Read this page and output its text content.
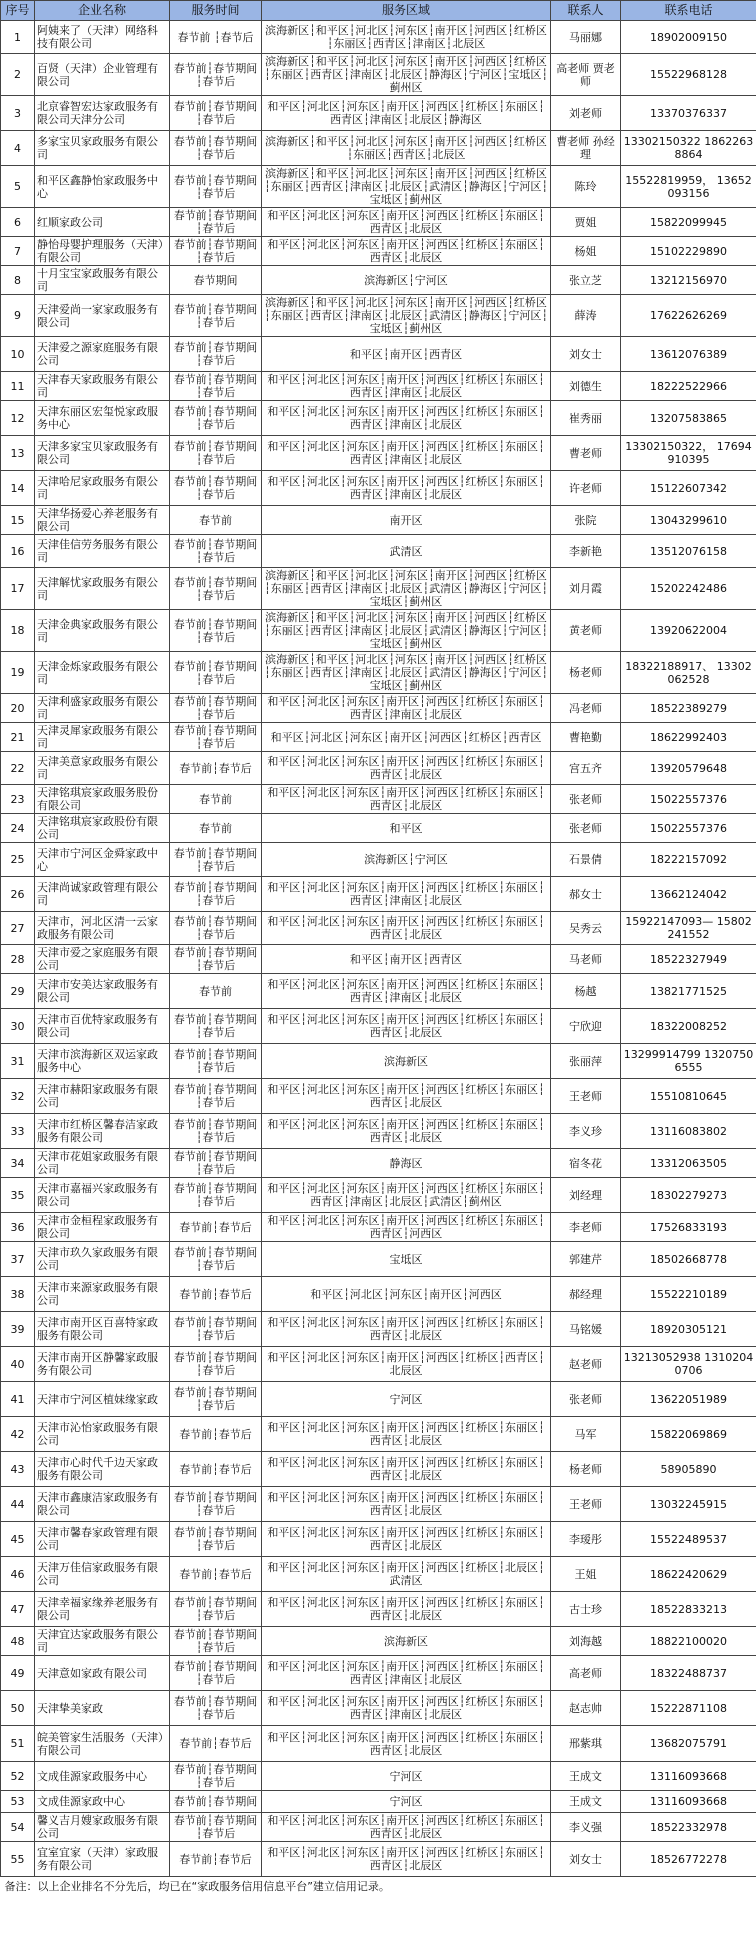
序号	企业名称	服务时间	服务区域	联系人	联系电话
1	阿姨来了（天津）网络科技有限公司	春节前 ┆春节后	滨海新区┆和平区┆河北区┆河东区┆南开区┆河西区┆红桥区┆东丽区┆西青区┆津南区┆北辰区	马丽娜	18902009150
2	百贤（天津）企业管理有限公司	春节前┆春节期间┆春节后	滨海新区┆和平区┆河北区┆河东区┆南开区┆河西区┆红桥区┆东丽区┆西青区┆津南区┆北辰区┆静海区┆宁河区┆宝坻区┆蓟州区	高老师 贾老师	15522968128
3	北京睿智宏达家政服务有限公司天津分公司	春节前┆春节期间┆春节后	和平区┆河北区┆河东区┆南开区┆河西区┆红桥区┆东丽区┆西青区┆津南区┆北辰区┆静海区	刘老师	13370376337
4	多家宝贝家政服务有限公司	春节前┆春节期间┆春节后	滨海新区┆和平区┆河北区┆河东区┆南开区┆河西区┆红桥区┆东丽区┆西青区┆北辰区	曹老师 孙经理	13302150322 18622638864
5	和平区鑫静怡家政服务中心	春节前┆春节期间┆春节后	滨海新区┆和平区┆河北区┆河东区┆南开区┆河西区┆红桥区┆东丽区┆西青区┆津南区┆北辰区┆武清区┆静海区┆宁河区┆宝坻区┆蓟州区	陈玲	15522819959， 13652093156
6	红顺家政公司	春节前┆春节期间┆春节后	和平区┆河北区┆河东区┆南开区┆河西区┆红桥区┆东丽区┆西青区┆北辰区	贾姐	15822099945
7	静怡母婴护理服务（天津）有限公司	春节前┆春节期间┆春节后	和平区┆河北区┆河东区┆南开区┆河西区┆红桥区┆东丽区┆西青区┆北辰区	杨姐	15102229890
8	十月宝宝家政服务有限公司	春节期间	滨海新区┆宁河区	张立芝	13212156970
9	天津爱尚一家家政服务有限公司	春节前┆春节期间┆春节后	滨海新区┆和平区┆河北区┆河东区┆南开区┆河西区┆红桥区┆东丽区┆西青区┆津南区┆北辰区┆武清区┆静海区┆宁河区┆宝坻区┆蓟州区	薛涛	17622626269
10	天津爱之源家庭服务有限公司	春节前┆春节期间┆春节后	和平区┆南开区┆西青区	刘女士	13612076389
11	天津春天家政服务有限公司	春节前┆春节期间┆春节后	和平区┆河北区┆河东区┆南开区┆河西区┆红桥区┆东丽区┆西青区┆津南区┆北辰区	刘德生	18222522966
12	天津东丽区宏玺悦家政服务中心	春节前┆春节期间┆春节后	和平区┆河北区┆河东区┆南开区┆河西区┆红桥区┆东丽区┆西青区┆津南区┆北辰区	崔秀丽	13207583865
13	天津多家宝贝家政服务有限公司	春节前┆春节期间┆春节后	和平区┆河北区┆河东区┆南开区┆河西区┆红桥区┆东丽区┆西青区┆津南区┆北辰区	曹老师	13302150322， 17694910395
14	天津哈尼家政服务有限公司	春节前┆春节期间┆春节后	和平区┆河北区┆河东区┆南开区┆河西区┆红桥区┆东丽区┆西青区┆津南区┆北辰区	许老师	15122607342
15	天津华扬爱心养老服务有限公司	春节前	南开区	张院	13043299610
16	天津佳信劳务服务有限公司	春节前┆春节期间┆春节后	武清区	李新艳	13512076158
17	天津解忧家政服务有限公司	春节前┆春节期间┆春节后	滨海新区┆和平区┆河北区┆河东区┆南开区┆河西区┆红桥区┆东丽区┆西青区┆津南区┆北辰区┆武清区┆静海区┆宁河区┆宝坻区┆蓟州区	刘月霞	15202242486
18	天津金典家政服务有限公司	春节前┆春节期间┆春节后	滨海新区┆和平区┆河北区┆河东区┆南开区┆河西区┆红桥区┆东丽区┆西青区┆津南区┆北辰区┆武清区┆静海区┆宁河区┆宝坻区┆蓟州区	黄老师	13920622004
19	天津金烁家政服务有限公司	春节前┆春节期间┆春节后	滨海新区┆和平区┆河北区┆河东区┆南开区┆河西区┆红桥区┆东丽区┆西青区┆津南区┆北辰区┆武清区┆静海区┆宁河区┆宝坻区┆蓟州区	杨老师	18322188917、 13302062528
20	天津利盛家政服务有限公司	春节前┆春节期间┆春节后	和平区┆河北区┆河东区┆南开区┆河西区┆红桥区┆东丽区┆西青区┆津南区┆北辰区	冯老师	18522389279
21	天津灵犀家政服务有限公司	春节前┆春节期间┆春节后	和平区┆河北区┆河东区┆南开区┆河西区┆红桥区┆西青区	曹艳勤	18622992403
22	天津美意家政服务有限公司	春节前┆春节后	和平区┆河北区┆河东区┆南开区┆河西区┆红桥区┆东丽区┆西青区┆北辰区	宫五齐	13920579648
23	天津铭琪宸家政服务股份有限公司	春节前	和平区┆河北区┆河东区┆南开区┆河西区┆红桥区┆东丽区┆西青区┆北辰区	张老师	15022557376
24	天津铭琪宸家政股份有限公司	春节前	和平区	张老师	15022557376
25	天津市宁河区金舜家政中心	春节前┆春节期间┆春节后	滨海新区┆宁河区	石景倩	18222157092
26	天津尚诚家政管理有限公司	春节前┆春节期间┆春节后	和平区┆河北区┆河东区┆南开区┆河西区┆红桥区┆东丽区┆西青区┆津南区┆北辰区	郝女士	13662124042
27	天津市，河北区清一云家政服务有限公司	春节前┆春节期间┆春节后	和平区┆河北区┆河东区┆南开区┆河西区┆红桥区┆东丽区┆西青区┆北辰区	吴秀云	15922147093— 15802241552
28	天津市爱之家庭服务有限公司	春节前┆春节期间┆春节后	和平区┆南开区┆西青区	马老师	18522327949
29	天津市安美达家政服务有限公司	春节前	和平区┆河北区┆河东区┆南开区┆河西区┆红桥区┆东丽区┆西青区┆津南区┆北辰区	杨越	13821771525
30	天津市百优特家政服务有限公司	春节前┆春节期间┆春节后	和平区┆河北区┆河东区┆南开区┆河西区┆红桥区┆东丽区┆西青区┆北辰区	宁欣迎	18322008252
31	天津市滨海新区双运家政服务中心	春节前┆春节期间┆春节后	滨海新区	张丽萍	13299914799 13207506555
32	天津市赫阳家政服务有限公司	春节前┆春节期间┆春节后	和平区┆河北区┆河东区┆南开区┆河西区┆红桥区┆东丽区┆西青区┆北辰区	王老师	15510810645
33	天津市红桥区馨春洁家政服务有限公司	春节前┆春节期间┆春节后	和平区┆河北区┆河东区┆南开区┆河西区┆红桥区┆东丽区┆西青区┆北辰区	李义珍	13116083802
34	天津市花姐家政服务有限公司	春节前┆春节期间┆春节后	静海区	宿冬花	13312063505
35	天津市嘉福兴家政服务有限公司	春节前┆春节期间┆春节后	和平区┆河北区┆河东区┆南开区┆河西区┆红桥区┆东丽区┆西青区┆津南区┆北辰区┆武清区┆蓟州区	刘经理	18302279273
36	天津市金桓程家政服务有限公司	春节前┆春节后	和平区┆河北区┆河东区┆南开区┆河西区┆红桥区┆东丽区┆西青区┆河西区	李老师	17526833193
37	天津市玖久家政服务有限公司	春节前┆春节期间┆春节后	宝坻区	郭建芹	18502668778
38	天津市来源家政服务有限公司	春节前┆春节后	和平区┆河北区┆河东区┆南开区┆河西区	郝经理	15522210189
39	天津市南开区百喜特家政服务有限公司	春节前┆春节期间┆春节后	和平区┆河北区┆河东区┆南开区┆河西区┆红桥区┆东丽区┆西青区┆北辰区	马铭媛	18920305121
40	天津市南开区静馨家政服务有限公司	春节前┆春节期间┆春节后	和平区┆河北区┆河东区┆南开区┆河西区┆红桥区┆西青区┆北辰区	赵老师	13213052938 13102040706
41	天津市宁河区植妹缘家政	春节前┆春节期间┆春节后	宁河区	张老师	13622051989
42	天津市沁怡家政服务有限公司	春节前┆春节后	和平区┆河北区┆河东区┆南开区┆河西区┆红桥区┆东丽区┆西青区┆北辰区	马军	15822069869
43	天津市心时代千边天家政服务有限公司	春节前┆春节后	和平区┆河北区┆河东区┆南开区┆河西区┆红桥区┆东丽区┆西青区┆北辰区	杨老师	58905890
44	天津市鑫康洁家政服务有限公司	春节前┆春节期间┆春节后	和平区┆河北区┆河东区┆南开区┆河西区┆红桥区┆东丽区┆西青区┆北辰区	王老师	13032245915
45	天津市馨春家政管理有限公司	春节前┆春节期间┆春节后	和平区┆河北区┆河东区┆南开区┆河西区┆红桥区┆东丽区┆西青区┆北辰区	李瑷彤	15522489537
46	天津万佳信家政服务有限公司	春节前┆春节后	和平区┆河北区┆河东区┆南开区┆河西区┆红桥区┆北辰区┆武清区	王姐	18622420629
47	天津幸福家缘养老服务有限公司	春节前┆春节期间┆春节后	和平区┆河北区┆河东区┆南开区┆河西区┆红桥区┆东丽区┆西青区┆北辰区	古士珍	18522833213
48	天津宜达家政服务有限公司	春节前┆春节期间┆春节后	滨海新区	刘海越	18822100020
49	天津意如家政有限公司	春节前┆春节期间┆春节后	和平区┆河北区┆河东区┆南开区┆河西区┆红桥区┆东丽区┆西青区┆津南区┆北辰区	高老师	18322488737
50	天津挚美家政	春节前┆春节期间┆春节后	和平区┆河北区┆河东区┆南开区┆河西区┆红桥区┆东丽区┆西青区┆津南区┆北辰区	赵志帅	15222871108
51	皖美管家生活服务（天津）有限公司	春节前┆春节后	和平区┆河北区┆河东区┆南开区┆河西区┆红桥区┆东丽区┆西青区┆北辰区	邢紫琪	13682075791
52	文成佳源家政服务中心	春节前┆春节期间┆春节后	宁河区	王成文	13116093668
53	文成佳源家政中心	春节前┆春节期间	宁河区	王成文	13116093668
54	馨义吉月嫂家政服务有限公司	春节前┆春节期间┆春节后	和平区┆河北区┆河东区┆南开区┆河西区┆红桥区┆东丽区┆西青区┆北辰区	李义强	18522332978
55	宜室宜家（天津）家政服务有限公司	春节前┆春节后	和平区┆河北区┆河东区┆南开区┆河西区┆红桥区┆东丽区┆西青区┆北辰区	刘女士	18526772278
备注：以上企业排名不分先后，均已在“家政服务信用信息平台”建立信用记录。					
